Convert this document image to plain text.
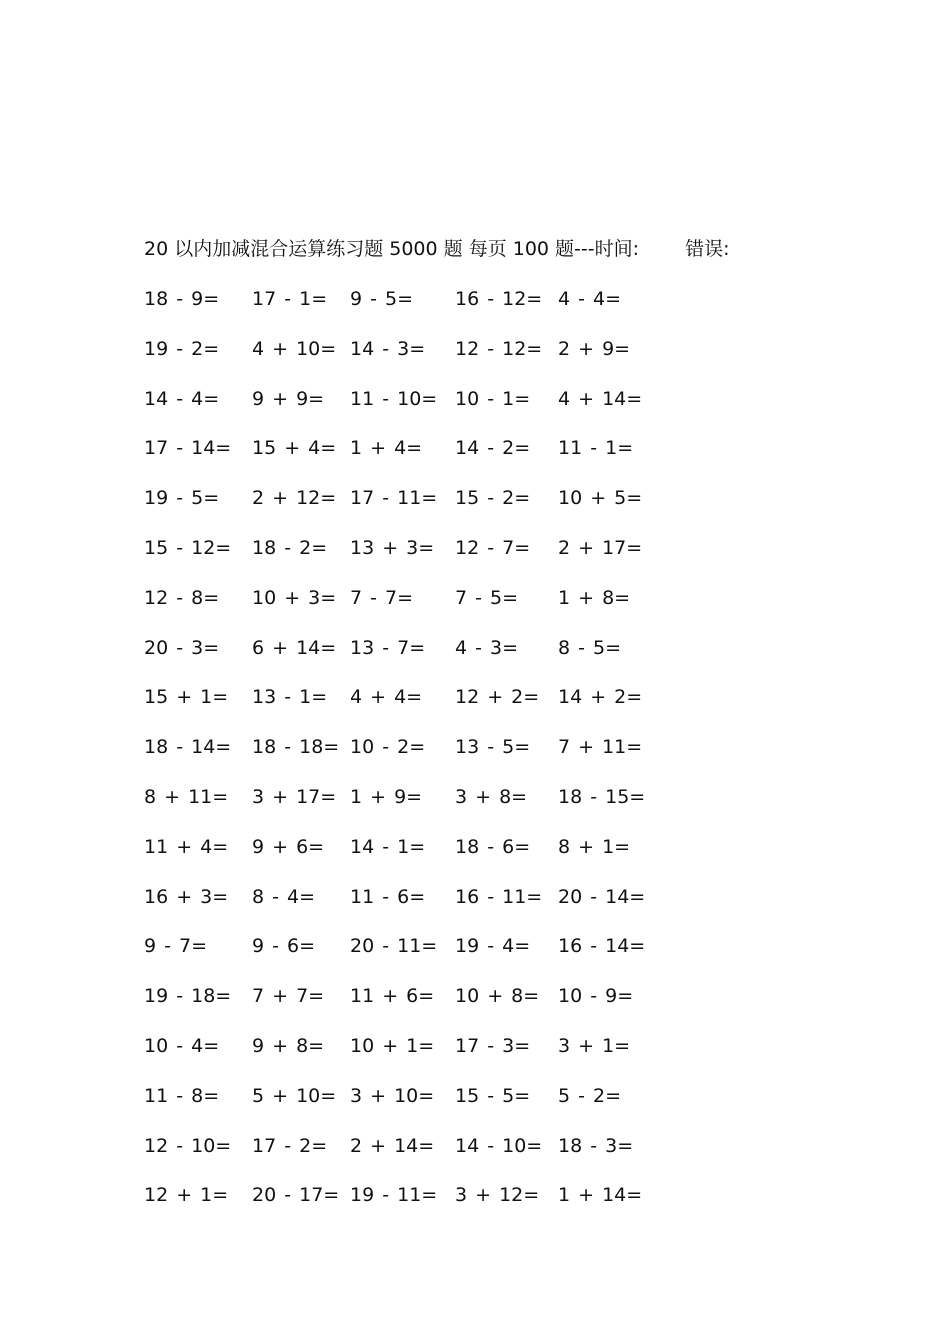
20 以内加减混合运算练习题 5000 题 每页 100 题---时间: 错误:
18 - 9= 17 - 1= 9 - 5= 16 - 12= 4 - 4=
19 - 2= 4 + 10= 14 - 3= 12 - 12= 2 + 9=
14 - 4= 9 + 9= 11 - 10= 10 - 1= 4 + 14=
17 - 14= 15 + 4= 1 + 4= 14 - 2= 11 - 1=
19 - 5= 2 + 12= 17 - 11= 15 - 2= 10 + 5=
15 - 12= 18 - 2= 13 + 3= 12 - 7= 2 + 17=
12 - 8= 10 + 3= 7 - 7= 7 - 5= 1 + 8=
20 - 3= 6 + 14= 13 - 7= 4 - 3= 8 - 5=
15 + 1= 13 - 1= 4 + 4= 12 + 2= 14 + 2=
18 - 14= 18 - 18= 10 - 2= 13 - 5= 7 + 11=
8 + 11= 3 + 17= 1 + 9= 3 + 8= 18 - 15=
11 + 4= 9 + 6= 14 - 1= 18 - 6= 8 + 1=
16 + 3= 8 - 4= 11 - 6= 16 - 11= 20 - 14=
9 - 7= 9 - 6= 20 - 11= 19 - 4= 16 - 14=
19 - 18= 7 + 7= 11 + 6= 10 + 8= 10 - 9=
10 - 4= 9 + 8= 10 + 1= 17 - 3= 3 + 1=
11 - 8= 5 + 10= 3 + 10= 15 - 5= 5 - 2=
12 - 10= 17 - 2= 2 + 14= 14 - 10= 18 - 3=
12 + 1= 20 - 17= 19 - 11= 3 + 12= 1 + 14=
